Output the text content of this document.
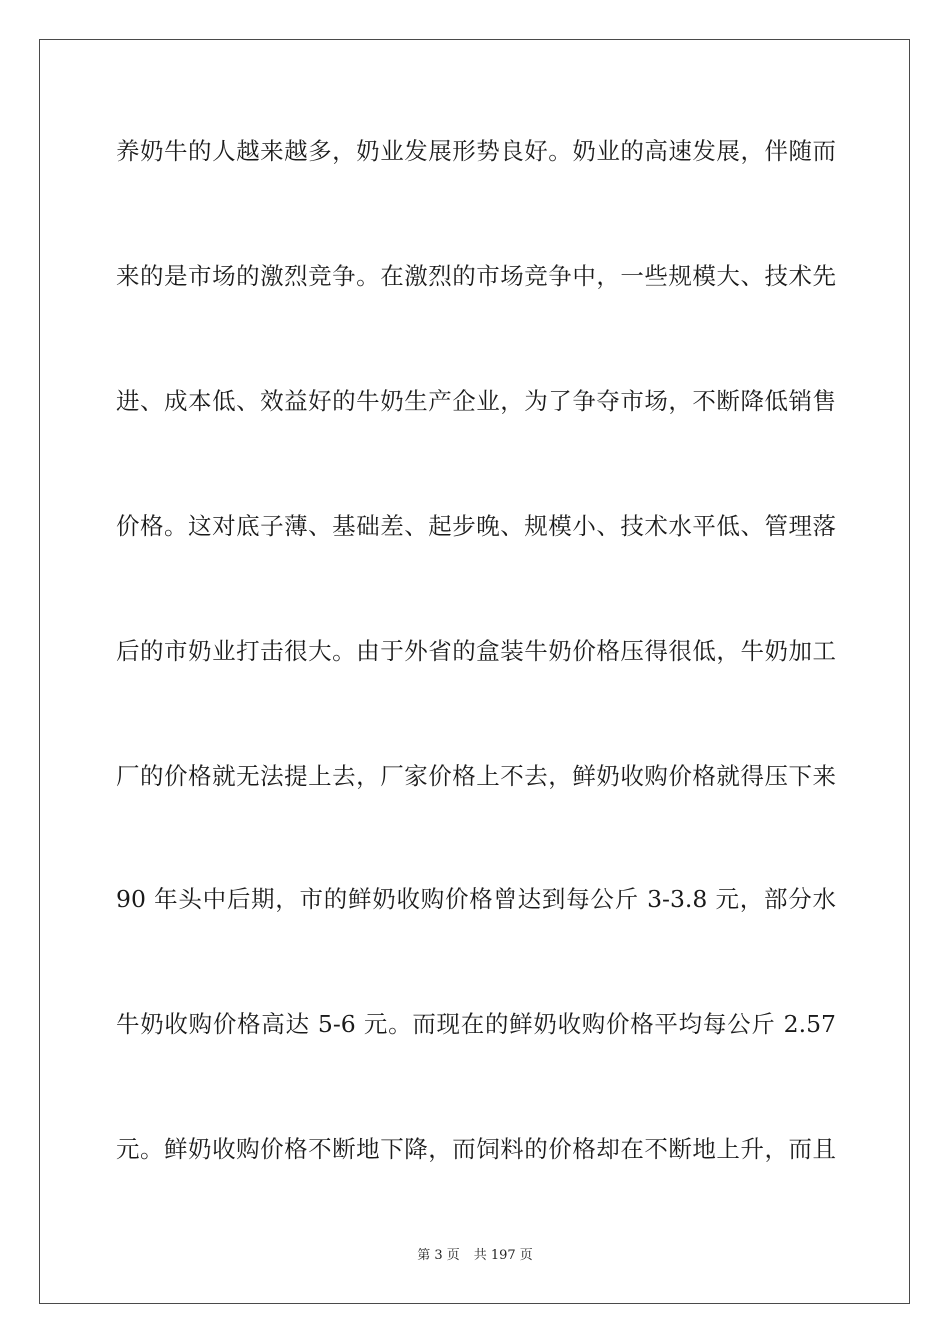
养奶牛的人越来越多，奶业发展形势良好。奶业的高速发展，伴随而
来的是市场的激烈竞争。在激烈的市场竞争中，一些规模大、技术先
进、成本低、效益好的牛奶生产企业，为了争夺市场，不断降低销售
价格。这对底子薄、基础差、起步晚、规模小、技术水平低、管理落
后的市奶业打击很大。由于外省的盒装牛奶价格压得很低，牛奶加工
厂的价格就无法提上去，厂家价格上不去，鲜奶收购价格就得压下来
90 年头中后期，市的鲜奶收购价格曾达到每公斤 3-3.8 元，部分水
牛奶收购价格高达 5-6 元。而现在的鲜奶收购价格平均每公斤 2.57
元。鲜奶收购价格不断地下降，而饲料的价格却在不断地上升，而且
第 3 页 共 197 页
